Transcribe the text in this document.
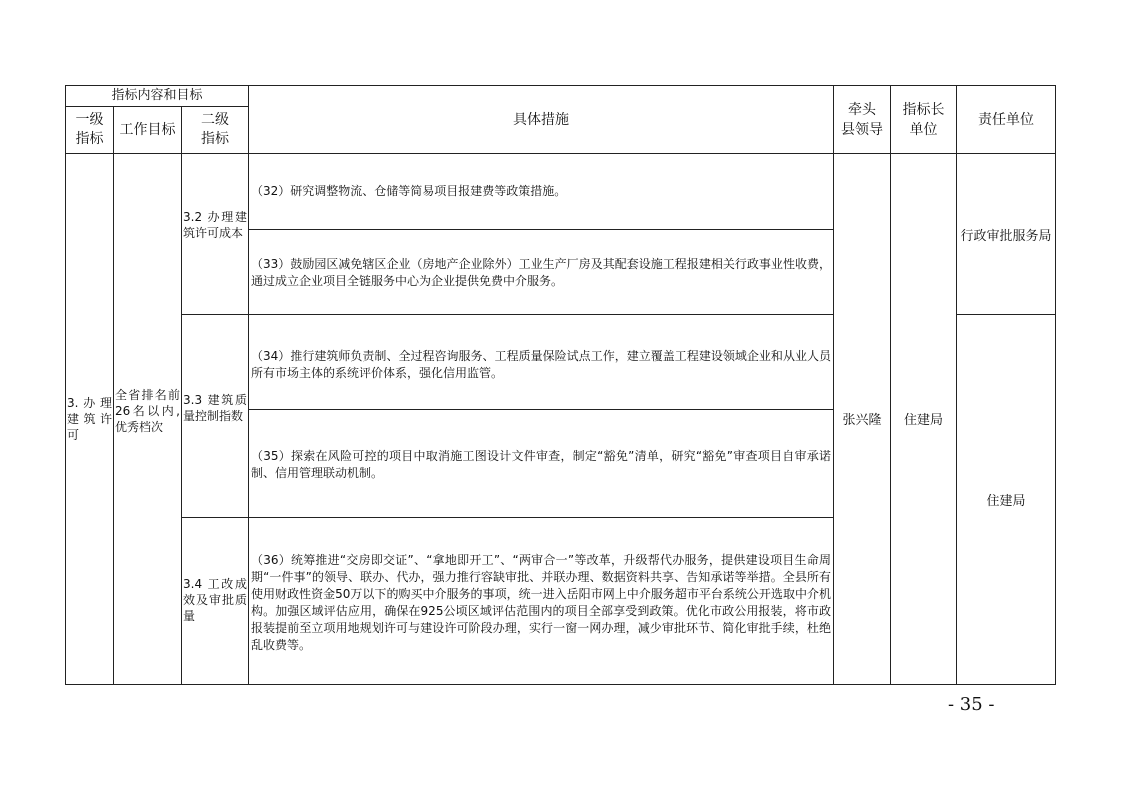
指标内容和目标
一级
指标
工作目标
二级
指标
具体措施
牵头
县领导
指标长
单位
责任单位
3.办理建筑许可
全省排名前26名以内,优秀档次
3.2 办理建筑许可成本
3.3 建筑质量控制指数
3.4 工改成效及审批质量
（32）研究调整物流、仓储等简易项目报建费等政策措施。
（33）鼓励园区减免辖区企业（房地产企业除外）工业生产厂房及其配套设施工程报建相关行政事业性收费，通过成立企业项目全链服务中心为企业提供免费中介服务。
（34）推行建筑师负责制、全过程咨询服务、工程质量保险试点工作，建立覆盖工程建设领域企业和从业人员所有市场主体的系统评价体系，强化信用监管。
（35）探索在风险可控的项目中取消施工图设计文件审查，制定“豁免”清单，研究“豁免”审查项目自审承诺制、信用管理联动机制。
（36）统筹推进“交房即交证”、“拿地即开工”、“两审合一”等改革，升级帮代办服务，提供建设项目生命周期“一件事”的领导、联办、代办，强力推行容缺审批、并联办理、数据资料共享、告知承诺等举措。全县所有使用财政性资金50万以下的购买中介服务的事项，统一进入岳阳市网上中介服务超市平台系统公开选取中介机构。加强区域评估应用，确保在925公顷区域评估范围内的项目全部享受到政策。优化市政公用报装，将市政报装提前至立项用地规划许可与建设许可阶段办理，实行一窗一网办理，减少审批环节、简化审批手续，杜绝乱收费等。
张兴隆	住建局
行政审批服务局
住建局
- 35 -
